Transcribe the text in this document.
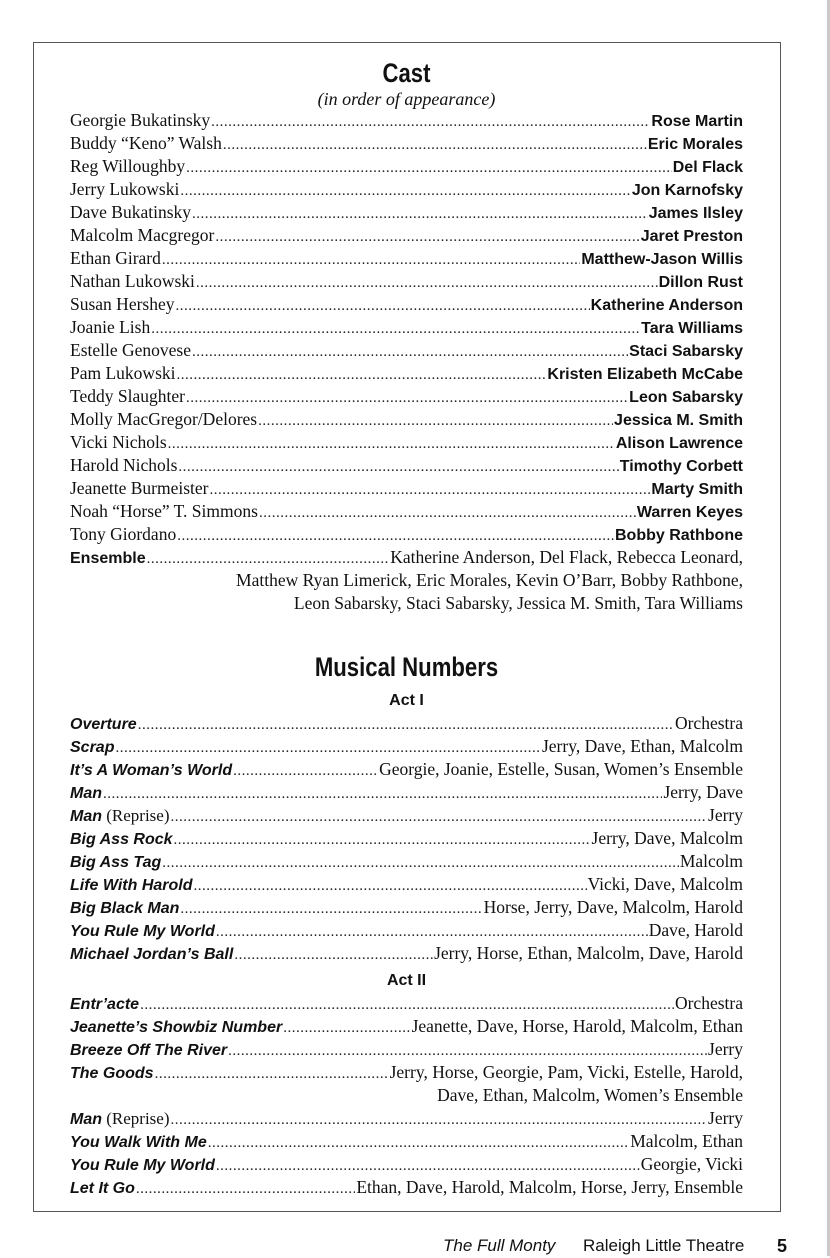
Cast

(in order of appearance)

Georgie Bukatinsky .....	Rose Martin
Buddy “Keno” Walsh .....	Eric Morales
Reg Willoughby .....	Del Flack
Jerry Lukowski .....	Jon Karnofsky
Dave Bukatinsky .....	James Ilsley
Malcolm Macgregor .....	Jaret Preston
Ethan Girard .....	Matthew-Jason Willis
Nathan Lukowski .....	Dillon Rust
Susan Hershey .....	Katherine Anderson
Joanie Lish .....	Tara Williams
Estelle Genovese .....	Staci Sabarsky
Pam Lukowski .....	Kristen Elizabeth McCabe
Teddy Slaughter .....	Leon Sabarsky
Molly MacGregor/Delores .....	Jessica M. Smith
Vicki Nichols .....	Alison Lawrence
Harold Nichols .....	Timothy Corbett
Jeanette Burmeister .....	Marty Smith
Noah “Horse” T. Simmons .....	Warren Keyes
Tony Giordano .....	Bobby Rathbone
Ensemble .....	Katherine Anderson, Del Flack, Rebecca Leonard,
Matthew Ryan Limerick, Eric Morales, Kevin O’Barr, Bobby Rathbone,
Leon Sabarsky, Staci Sabarsky, Jessica M. Smith, Tara Williams
Musical Numbers
Act I
Overture .....	Orchestra
Scrap .....	Jerry, Dave, Ethan, Malcolm
It’s A Woman’s World .....	Georgie, Joanie, Estelle, Susan, Women’s Ensemble
Man .....	Jerry, Dave
Man (Reprise) .....	Jerry
Big Ass Rock .....	Jerry, Dave, Malcolm
Big Ass Tag .....	Malcolm
Life With Harold .....	Vicki, Dave, Malcolm
Big Black Man .....	Horse, Jerry, Dave, Malcolm, Harold
You Rule My World .....	Dave, Harold
Michael Jordan’s Ball .....	Jerry, Horse, Ethan, Malcolm, Dave, Harold
Act II
Entr’acte .....	Orchestra
Jeanette’s Showbiz Number .....	Jeanette, Dave, Horse, Harold, Malcolm, Ethan
Breeze Off The River .....	Jerry
The Goods .....	Jerry, Horse, Georgie, Pam, Vicki, Estelle, Harold,
Dave, Ethan, Malcolm, Women’s Ensemble
Man (Reprise) .....	Jerry
You Walk With Me .....	Malcolm, Ethan
You Rule My World .....	Georgie, Vicki
Let It Go .....	Ethan, Dave, Harold, Malcolm, Horse, Jerry, Ensemble
The Full Monty Raleigh Little Theatre 5
